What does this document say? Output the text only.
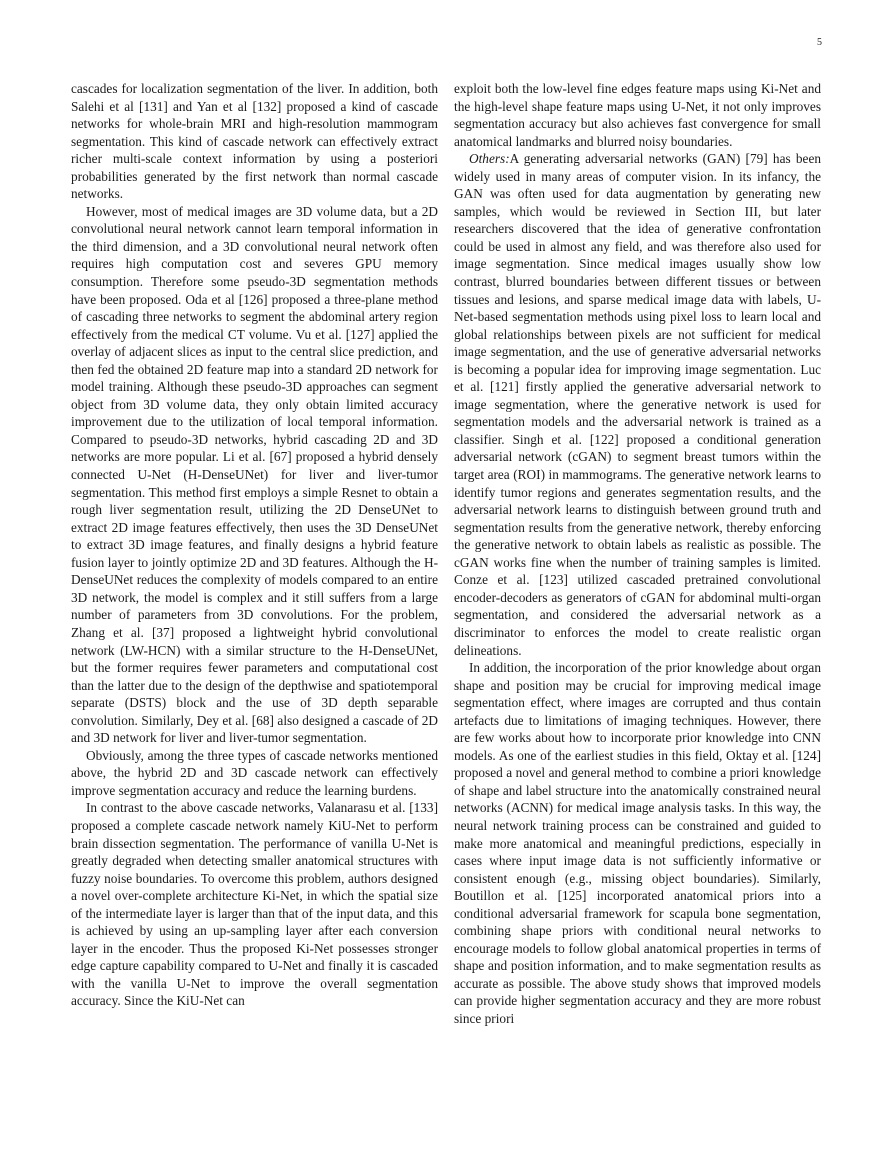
5

cascades for localization segmentation of the liver. In addition, both Salehi et al [131] and Yan et al [132] proposed a kind of cascade networks for whole-brain MRI and high-resolution mammogram segmentation. This kind of cascade network can effectively extract richer multi-scale context information by using a posteriori probabilities generated by the first network than normal cascade networks.

However, most of medical images are 3D volume data, but a 2D convolutional neural network cannot learn temporal information in the third dimension, and a 3D convolutional neural network often requires high computation cost and severes GPU memory consumption. Therefore some pseudo-3D segmentation methods have been proposed. Oda et al [126] proposed a three-plane method of cascading three networks to segment the abdominal artery region effectively from the medical CT volume. Vu et al. [127] applied the overlay of adjacent slices as input to the central slice prediction, and then fed the obtained 2D feature map into a standard 2D network for model training. Although these pseudo-3D approaches can segment object from 3D volume data, they only obtain limited accuracy improvement due to the utilization of local temporal information. Compared to pseudo-3D networks, hybrid cascading 2D and 3D networks are more popular. Li et al. [67] proposed a hybrid densely connected U-Net (H-DenseUNet) for liver and liver-tumor segmentation. This method first employs a simple Resnet to obtain a rough liver segmentation result, utilizing the 2D DenseUNet to extract 2D image features effectively, then uses the 3D DenseUNet to extract 3D image features, and finally designs a hybrid feature fusion layer to jointly optimize 2D and 3D features. Although the H-DenseUNet reduces the complexity of models compared to an entire 3D network, the model is complex and it still suffers from a large number of parameters from 3D convolutions. For the problem, Zhang et al. [37] proposed a lightweight hybrid convolutional network (LW-HCN) with a similar structure to the H-DenseUNet, but the former requires fewer parameters and computational cost than the latter due to the design of the depthwise and spatiotemporal separate (DSTS) block and the use of 3D depth separable convolution. Similarly, Dey et al. [68] also designed a cascade of 2D and 3D network for liver and liver-tumor segmentation.

Obviously, among the three types of cascade networks mentioned above, the hybrid 2D and 3D cascade network can effectively improve segmentation accuracy and reduce the learning burdens.

In contrast to the above cascade networks, Valanarasu et al. [133] proposed a complete cascade network namely KiU-Net to perform brain dissection segmentation. The performance of vanilla U-Net is greatly degraded when detecting smaller anatomical structures with fuzzy noise boundaries. To overcome this problem, authors designed a novel over-complete architecture Ki-Net, in which the spatial size of the intermediate layer is larger than that of the input data, and this is achieved by using an up-sampling layer after each conversion layer in the encoder. Thus the proposed Ki-Net possesses stronger edge capture capability compared to U-Net and finally it is cascaded with the vanilla U-Net to improve the overall segmentation accuracy. Since the KiU-Net can

exploit both the low-level fine edges feature maps using Ki-Net and the high-level shape feature maps using U-Net, it not only improves segmentation accuracy but also achieves fast convergence for small anatomical landmarks and blurred noisy boundaries.

Others:A generating adversarial networks (GAN) [79] has been widely used in many areas of computer vision. In its infancy, the GAN was often used for data augmentation by generating new samples, which would be reviewed in Section III, but later researchers discovered that the idea of generative confrontation could be used in almost any field, and was therefore also used for image segmentation. Since medical images usually show low contrast, blurred boundaries between different tissues or between tissues and lesions, and sparse medical image data with labels, U-Net-based segmentation methods using pixel loss to learn local and global relationships between pixels are not sufficient for medical image segmentation, and the use of generative adversarial networks is becoming a popular idea for improving image segmentation. Luc et al. [121] firstly applied the generative adversarial network to image segmentation, where the generative network is used for segmentation models and the adversarial network is trained as a classifier. Singh et al. [122] proposed a conditional generation adversarial network (cGAN) to segment breast tumors within the target area (ROI) in mammograms. The generative network learns to identify tumor regions and generates segmentation results, and the adversarial network learns to distinguish between ground truth and segmentation results from the generative network, thereby enforcing the generative network to obtain labels as realistic as possible. The cGAN works fine when the number of training samples is limited. Conze et al. [123] utilized cascaded pretrained convolutional encoder-decoders as generators of cGAN for abdominal multi-organ segmentation, and considered the adversarial network as a discriminator to enforces the model to create realistic organ delineations.

In addition, the incorporation of the prior knowledge about organ shape and position may be crucial for improving medical image segmentation effect, where images are corrupted and thus contain artefacts due to limitations of imaging techniques. However, there are few works about how to incorporate prior knowledge into CNN models. As one of the earliest studies in this field, Oktay et al. [124] proposed a novel and general method to combine a priori knowledge of shape and label structure into the anatomically constrained neural networks (ACNN) for medical image analysis tasks. In this way, the neural network training process can be constrained and guided to make more anatomical and meaningful predictions, especially in cases where input image data is not sufficiently informative or consistent enough (e.g., missing object boundaries). Similarly, Boutillon et al. [125] incorporated anatomical priors into a conditional adversarial framework for scapula bone segmentation, combining shape priors with conditional neural networks to encourage models to follow global anatomical properties in terms of shape and position information, and to make segmentation results as accurate as possible. The above study shows that improved models can provide higher segmentation accuracy and they are more robust since priori
